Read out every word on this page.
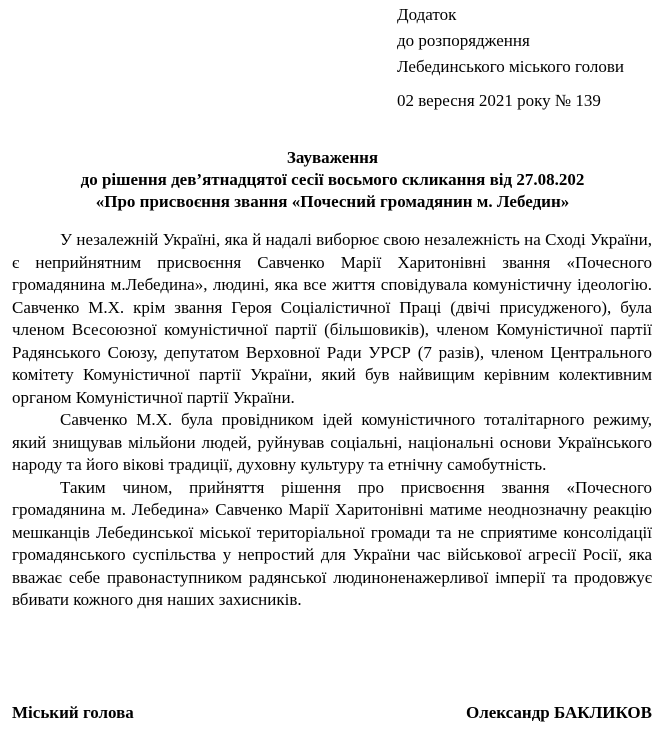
Додаток
до розпорядження
Лебединського міського голови
02 вересня 2021 року № 139
Зауваження
до рішення дев’ятнадцятої сесії восьмого скликання від 27.08.202
«Про присвоєння звання «Почесний громадянин м. Лебедин»

У незалежній Україні, яка й надалі виборює свою незалежність на Сході України, є неприйнятним присвоєння Савченко Марії Харитонівні звання «Почесного громадянина м.Лебедина», людині, яка все життя сповідувала комуністичну ідеологію. Савченко М.Х. крім звання Героя Соціалістичної Праці (двічі присудженого), була членом Всесоюзної комуністичної партії (більшовиків), членом Комуністичної партії Радянського Союзу, депутатом Верховної Ради УРСР (7 разів), членом Центрального комітету Комуністичної партії України, який був найвищим керівним колективним органом Комуністичної партії України.

Савченко М.Х. була провідником ідей комуністичного тоталітарного режиму, який знищував мільйони людей, руйнував соціальні, національні основи Українського народу та його вікові традиції, духовну культуру та етнічну самобутність.

Таким чином, прийняття рішення про присвоєння звання «Почесного громадянина м. Лебедина» Савченко Марії Харитонівні матиме неоднозначну реакцію мешканців Лебединської міської територіальної громади та не сприятиме консолідації громадянського суспільства у непростий для України час військової агресії Росії, яка вважає себе правонаступником радянської людиноненажерливої імперії та продовжує вбивати кожного дня наших захисників.

Міський голова	Олександр БАКЛИКОВ
